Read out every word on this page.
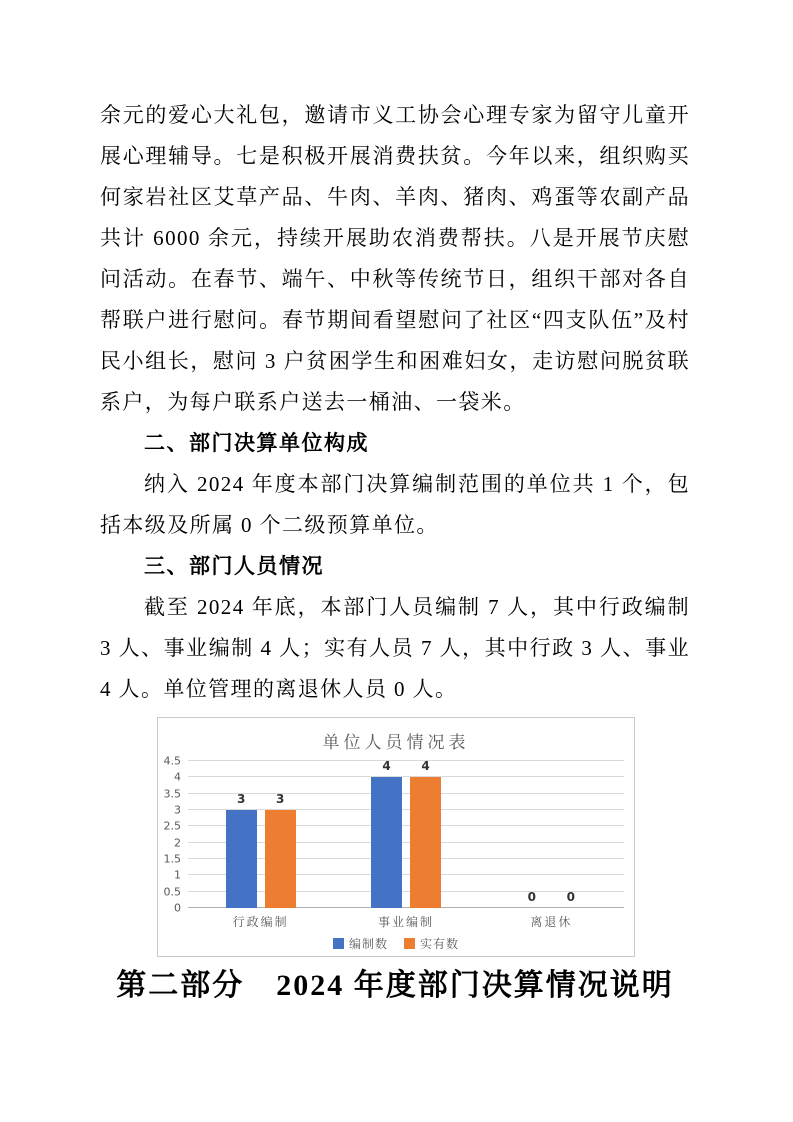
余元的爱心大礼包，邀请市义工协会心理专家为留守儿童开展心理辅导。七是积极开展消费扶贫。今年以来，组织购买何家岩社区艾草产品、牛肉、羊肉、猪肉、鸡蛋等农副产品共计 6000 余元，持续开展助农消费帮扶。八是开展节庆慰问活动。在春节、端午、中秋等传统节日，组织干部对各自帮联户进行慰问。春节期间看望慰问了社区“四支队伍”及村民小组长，慰问 3 户贫困学生和困难妇女，走访慰问脱贫联系户，为每户联系户送去一桶油、一袋米。

二、部门决算单位构成

纳入 2024 年度本部门决算编制范围的单位共 1 个，包括本级及所属 0 个二级预算单位。

三、部门人员情况

截至 2024 年底，本部门人员编制 7 人，其中行政编制 3 人、事业编制 4 人；实有人员 7 人，其中行政 3 人、事业 4 人。单位管理的离退休人员 0 人。

单位人员情况表
0
0.5
1
1.5
2
2.5
3
3.5
4
4.5
3	3
4	4
0	0
行政编制	事业编制	离退休
编制数	实有数
第二部分　2024 年度部门决算情况说明
